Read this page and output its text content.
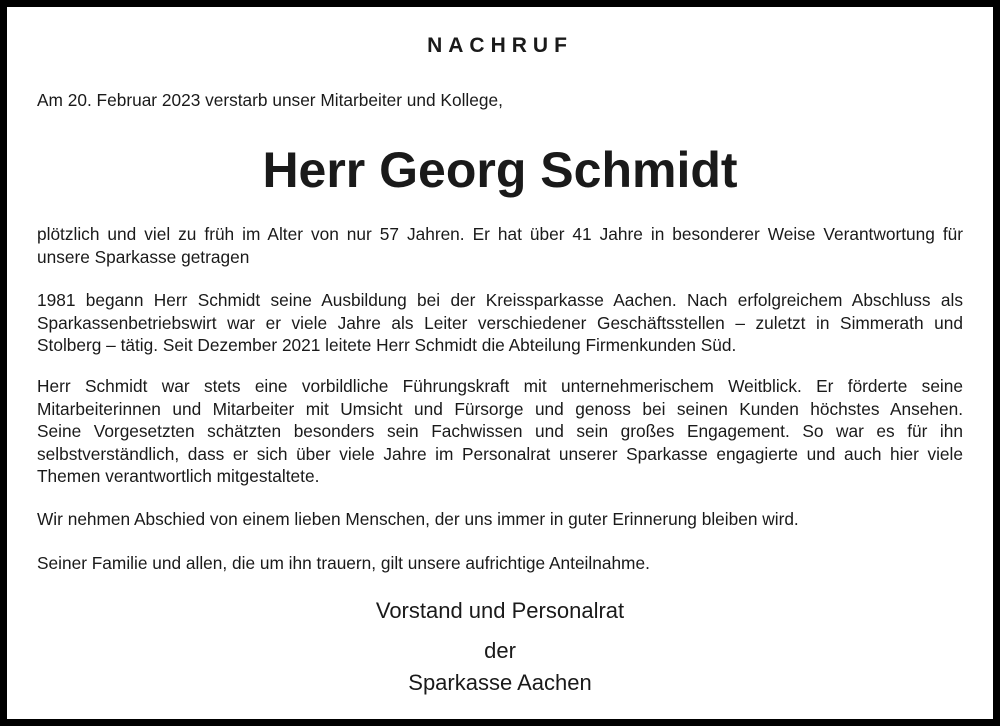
NACHRUF
Am 20. Februar 2023 verstarb unser Mitarbeiter und Kollege,
Herr Georg Schmidt
plötzlich und viel zu früh im Alter von nur 57 Jahren. Er hat über 41 Jahre in besonderer Weise Verantwortung für
unsere Sparkasse getragen
1981 begann Herr Schmidt seine Ausbildung bei der Kreissparkasse Aachen. Nach erfolgreichem Abschluss als
Sparkassenbetriebswirt war er viele Jahre als Leiter verschiedener Geschäftsstellen – zuletzt in Simmerath und
Stolberg – tätig. Seit Dezember 2021 leitete Herr Schmidt die Abteilung Firmenkunden Süd.
Herr Schmidt war stets eine vorbildliche Führungskraft mit unternehmerischem Weitblick. Er förderte seine
Mitarbeiterinnen und Mitarbeiter mit Umsicht und Fürsorge und genoss bei seinen Kunden höchstes Ansehen.
Seine Vorgesetzten schätzten besonders sein Fachwissen und sein großes Engagement. So war es für ihn
selbstverständlich, dass er sich über viele Jahre im Personalrat unserer Sparkasse engagierte und auch hier viele
Themen verantwortlich mitgestaltete.
Wir nehmen Abschied von einem lieben Menschen, der uns immer in guter Erinnerung bleiben wird.
Seiner Familie und allen, die um ihn trauern, gilt unsere aufrichtige Anteilnahme.
Vorstand und Personalrat
der
Sparkasse Aachen
